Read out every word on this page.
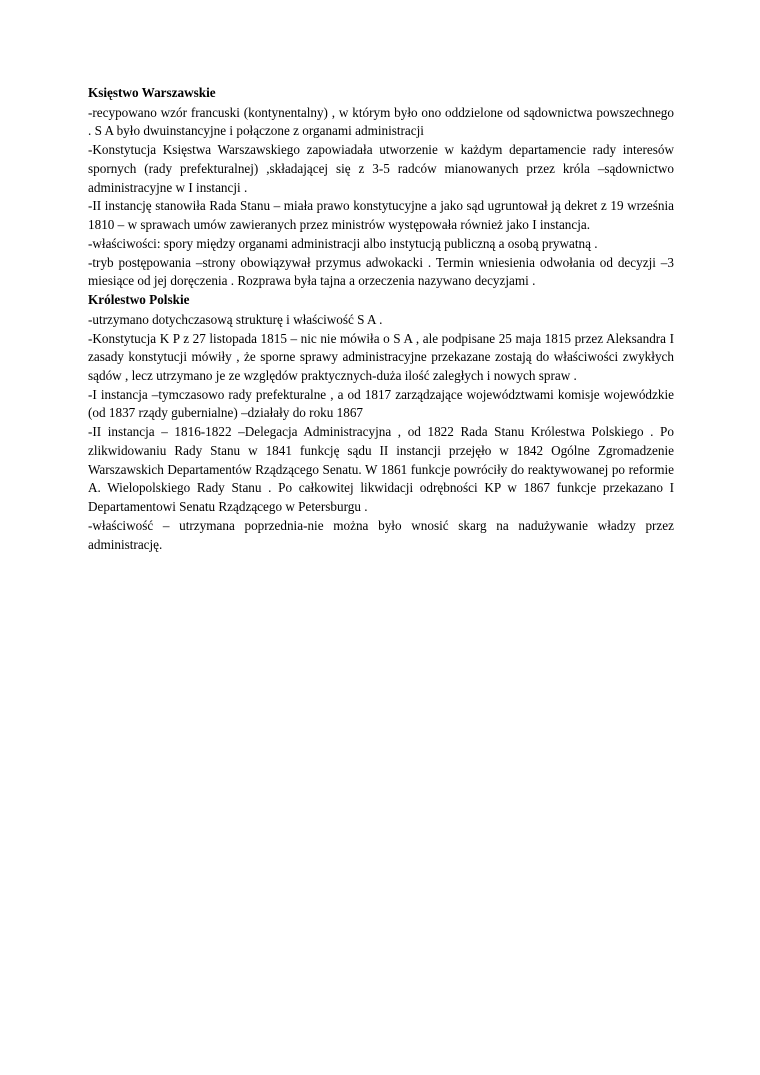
Księstwo Warszawskie

-recypowano wzór francuski (kontynentalny) , w którym było ono oddzielone od sądownictwa powszechnego . S A było dwuinstancyjne i połączone z organami administracji

-Konstytucja Księstwa Warszawskiego zapowiadała utworzenie w każdym departamencie rady interesów spornych (rady prefekturalnej) ,składającej się z 3-5 radców mianowanych przez króla –sądownictwo administracyjne w I instancji .

-II instancję stanowiła Rada Stanu – miała prawo konstytucyjne a jako sąd ugruntował ją dekret z 19 września 1810 – w sprawach umów zawieranych przez ministrów występowała również jako I instancja.

-właściwości: spory między organami administracji albo instytucją publiczną a osobą prywatną .

-tryb postępowania –strony obowiązywał przymus adwokacki . Termin wniesienia odwołania od decyzji –3 miesiące od jej doręczenia . Rozprawa była tajna a orzeczenia nazywano decyzjami .

Królestwo Polskie

-utrzymano dotychczasową strukturę i właściwość S A .

-Konstytucja K P z 27 listopada 1815 – nic nie mówiła o S A , ale podpisane 25 maja 1815 przez Aleksandra I zasady konstytucji mówiły , że sporne sprawy administracyjne przekazane zostają do właściwości zwykłych sądów , lecz utrzymano je ze względów praktycznych-duża ilość zaległych i nowych spraw .

-I instancja –tymczasowo rady prefekturalne , a od 1817 zarządzające województwami komisje wojewódzkie (od 1837 rządy gubernialne) –działały do roku 1867

-II instancja – 1816-1822 –Delegacja Administracyjna , od 1822 Rada Stanu Królestwa Polskiego . Po zlikwidowaniu Rady Stanu w 1841 funkcję sądu II instancji przejęło w 1842 Ogólne Zgromadzenie Warszawskich Departamentów Rządzącego Senatu. W 1861 funkcje powróciły do reaktywowanej po reformie A. Wielopolskiego Rady Stanu . Po całkowitej likwidacji odrębności KP w 1867 funkcje przekazano I Departamentowi Senatu Rządzącego w Petersburgu .

-właściwość – utrzymana poprzednia-nie można było wnosić skarg na nadużywanie władzy przez administrację.
